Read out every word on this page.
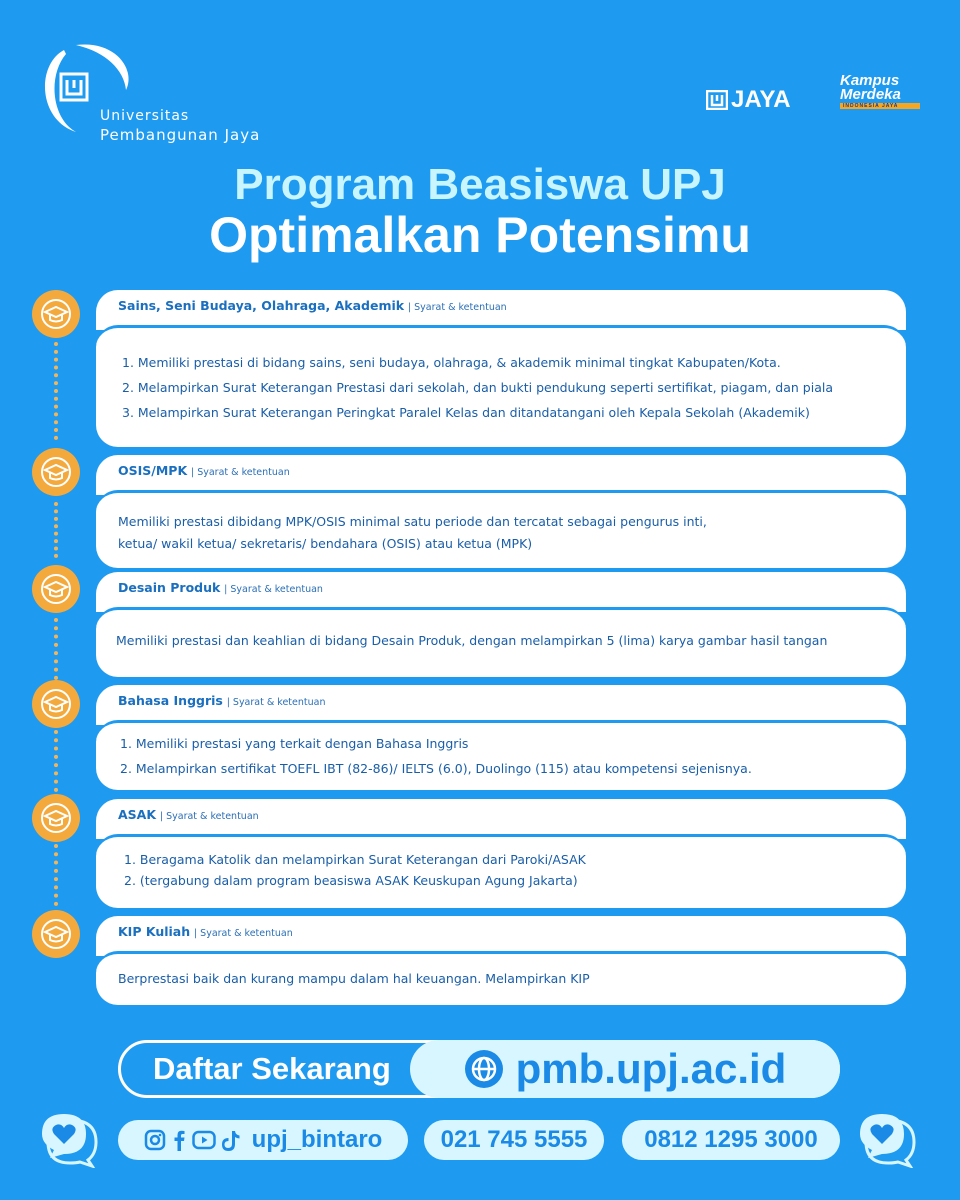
Universitas
Pembangunan Jaya
JAYA
Kampus
Merdeka
INDONESIA JAYA
Program Beasiswa UPJ
Optimalkan Potensimu
Sains, Seni Budaya, Olahraga, Akademik | Syarat & ketentuan
1. Memiliki prestasi di bidang sains, seni budaya, olahraga, & akademik minimal tingkat Kabupaten/Kota.
2. Melampirkan Surat Keterangan Prestasi dari sekolah, dan bukti pendukung seperti sertifikat, piagam, dan piala
3. Melampirkan Surat Keterangan Peringkat Paralel Kelas dan ditandatangani oleh Kepala Sekolah (Akademik)
OSIS/MPK | Syarat & ketentuan

Memiliki prestasi dibidang MPK/OSIS minimal satu periode dan tercatat sebagai pengurus inti,

ketua/ wakil ketua/ sekretaris/ bendahara (OSIS) atau ketua (MPK)

Desain Produk | Syarat & ketentuan

Memiliki prestasi dan keahlian di bidang Desain Produk, dengan melampirkan 5 (lima) karya gambar hasil tangan

Bahasa Inggris | Syarat & ketentuan
1. Memiliki prestasi yang terkait dengan Bahasa Inggris
2. Melampirkan sertifikat TOEFL IBT (82-86)/ IELTS (6.0), Duolingo (115) atau kompetensi sejenisnya.
ASAK | Syarat & ketentuan
1. Beragama Katolik dan melampirkan Surat Keterangan dari Paroki/ASAK
2. (tergabung dalam program beasiswa ASAK Keuskupan Agung Jakarta)
KIP Kuliah | Syarat & ketentuan

Berprestasi baik dan kurang mampu dalam hal keuangan. Melampirkan KIP

Daftar Sekarang	pmb.upj.ac.id
upj_bintaro 021 745 5555 0812 1295 3000
